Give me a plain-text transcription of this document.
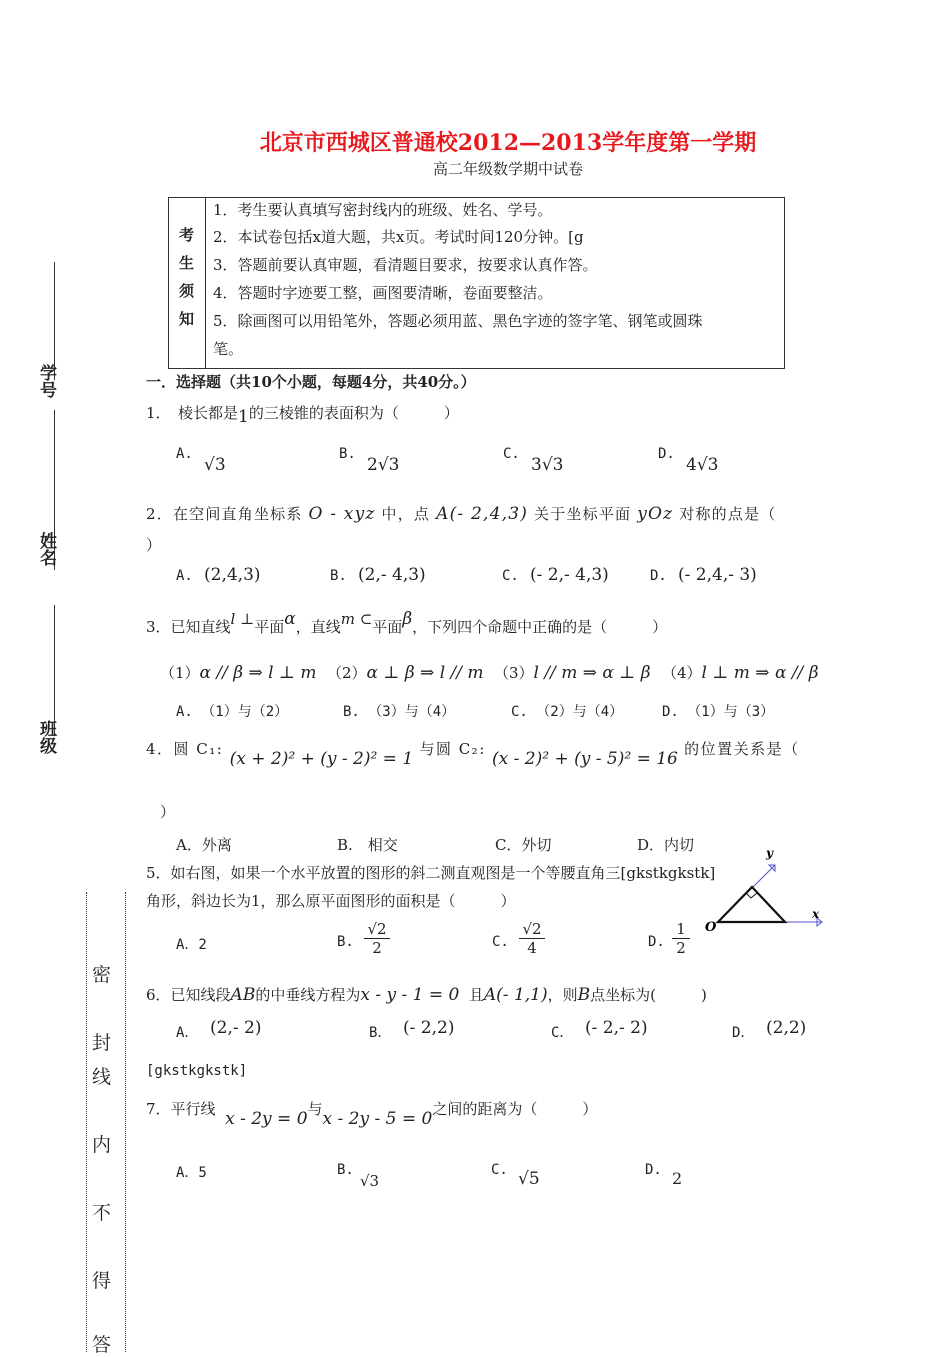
北京市西城区普通校2012—2013学年度第一学期
高二年级数学期中试卷
考
生
须
知
1．考生要认真填写密封线内的班级、姓名、学号。
2．本试卷包括x道大题，共x页。考试时间120分钟。[g
3．答题前要认真审题，看清题目要求，按要求认真作答。
4．答题时字迹要工整，画图要清晰，卷面要整洁。
5．除画图可以用铅笔外，答题必须用蓝、黑色字迹的签字笔、钢笔或圆珠
笔。
学号
姓名
班级
密
封
线
内
不
得
答
一．选择题（共10个小题，每题4分，共40分。）
1．　棱长都是1的三棱锥的表面积为（　　　）
A.
√3
B.
2√3
C.
3√3
D.
4√3
2．在空间直角坐标系 O - xyz 中，点 A(- 2,4,3) 关于坐标平面 yOz 对称的点是（
）
A. (2,4,3)	B. (2,- 4,3)	C. (- 2,- 4,3)	D. (- 2,4,- 3)
3．已知直线l ⊥平面α，直线m ⊂平面β，下列四个命题中正确的是（　　　）
（1）α // β ⇒ l ⊥ m （2）α ⊥ β ⇒ l // m （3）l // m ⇒ α ⊥ β （4）l ⊥ m ⇒ α // β
A. （1）与（2）	B. （3）与（4）	C. （2）与（4）	D. （1）与（3）
4．圆 C₁: (x + 2)² + (y - 2)² = 1 与圆 C₂: (x - 2)² + (y - 5)² = 16 的位置关系是（
）
A．外离	B.　相交	C．外切	D．内切
5．如右图，如果一个水平放置的图形的斜二测直观图是一个等腰直角三[gkstkgkstk]
角形，斜边长为1，那么原平面图形的面积是（　　　）
y
x
O
A．2	B. $\frac{√2}{2}$	C. $\frac{√2}{4}$	D. $\frac{1}{2}$
6．已知线段AB的中垂线方程为x - y - 1 = 0 且A(- 1,1)，则B点坐标为(　　　)
A． (2,- 2)	B． (- 2,2)	C． (- 2,- 2)	D． (2,2)
[gkstkgkstk]
7．平行线 x - 2y = 0与x - 2y - 5 = 0之间的距离为（　　　）
A．5	B.
√3
C. √5	D. 2
